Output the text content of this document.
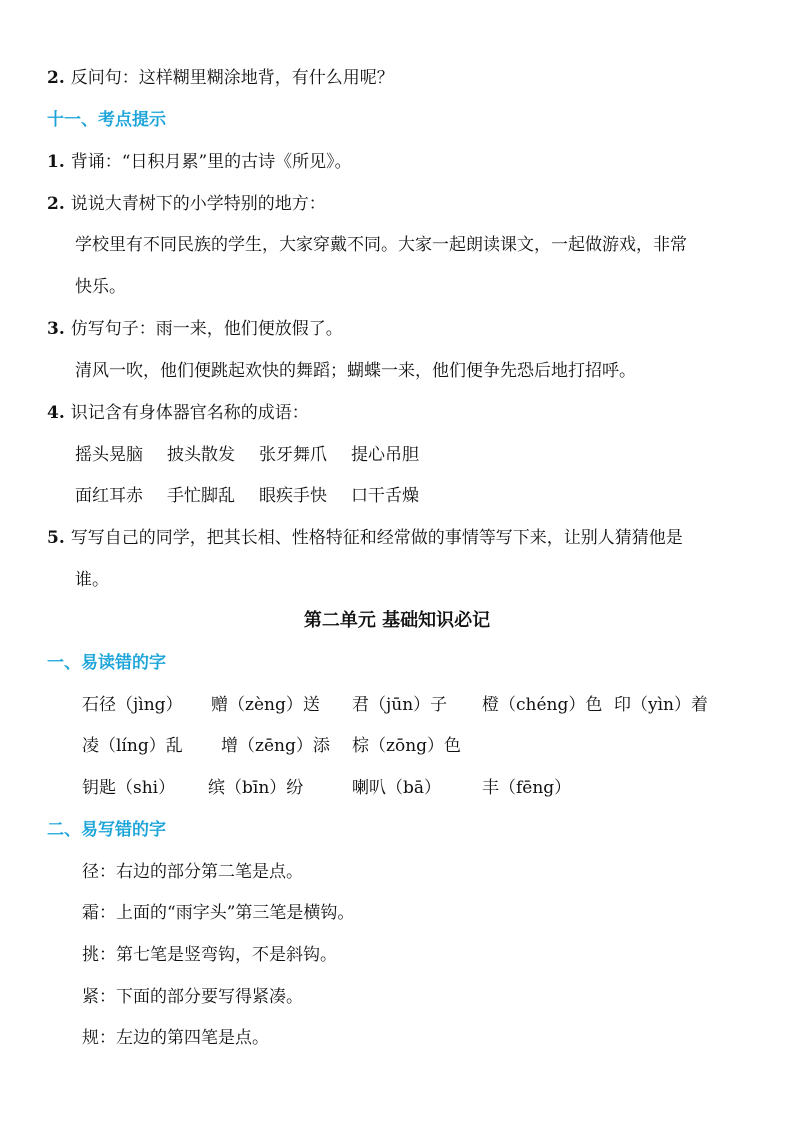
2. 反问句：这样糊里糊涂地背，有什么用呢？
十一、考点提示
1. 背诵：“日积月累”里的古诗《所见》。
2. 说说大青树下的小学特别的地方：
学校里有不同民族的学生，大家穿戴不同。大家一起朗读课文，一起做游戏，非常
快乐。
3. 仿写句子：雨一来，他们便放假了。
清风一吹，他们便跳起欢快的舞蹈；蝴蝶一来，他们便争先恐后地打招呼。
4. 识记含有身体器官名称的成语：
摇头晃脑 披头散发 张牙舞爪 提心吊胆
面红耳赤 手忙脚乱 眼疾手快 口干舌燥
5. 写写自己的同学，把其长相、性格特征和经常做的事情等写下来，让别人猜猜他是
谁。
第二单元 基础知识必记
一、易读错的字
石径（jìng） 赠（zèng）送 君（jūn）子 橙（chéng）色 印（yìn）着
凌（líng）乱 增（zēng）添 棕（zōng）色
钥匙（shi） 缤（bīn）纷	喇叭（bā） 丰（fēng）
二、易写错的字
径：右边的部分第二笔是点。
霜：上面的“雨字头”第三笔是横钩。
挑：第七笔是竖弯钩，不是斜钩。
紧：下面的部分要写得紧凑。
规：左边的第四笔是点。
